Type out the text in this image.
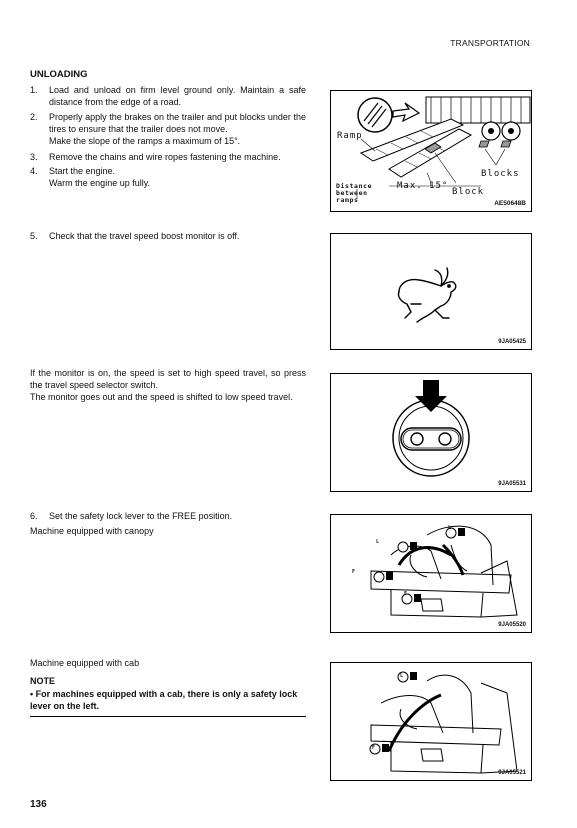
TRANSPORTATION
UNLOADING
1.	Load and unload on firm level ground only. Maintain a safe distance from the edge of a road.
2.	Properly apply the brakes on the trailer and put blocks under the tires to ensure that the trailer does not move.
Make the slope of the ramps a maximum of 15°.
3.	Remove the chains and wire ropes fastening the machine.
4.	Start the engine.
Warm the engine up fully.
5.	Check that the travel speed boost monitor is off.
If the monitor is on, the speed is set to high speed travel, so press the travel speed selector switch.
The monitor goes out and the speed is shifted to low speed travel.
6.	Set the safety lock lever to the FREE position.
Machine equipped with canopy
Machine equipped with cab
NOTE
• For machines equipped with a cab, there is only a safety lock lever on the left.
136
Ramp
Blocks
Block
Max. 15°
Distance
between
ramps	AE50648B
9JA05425
9JA05531
L
L
F
F
9JA05520
L
F
9JA05521
